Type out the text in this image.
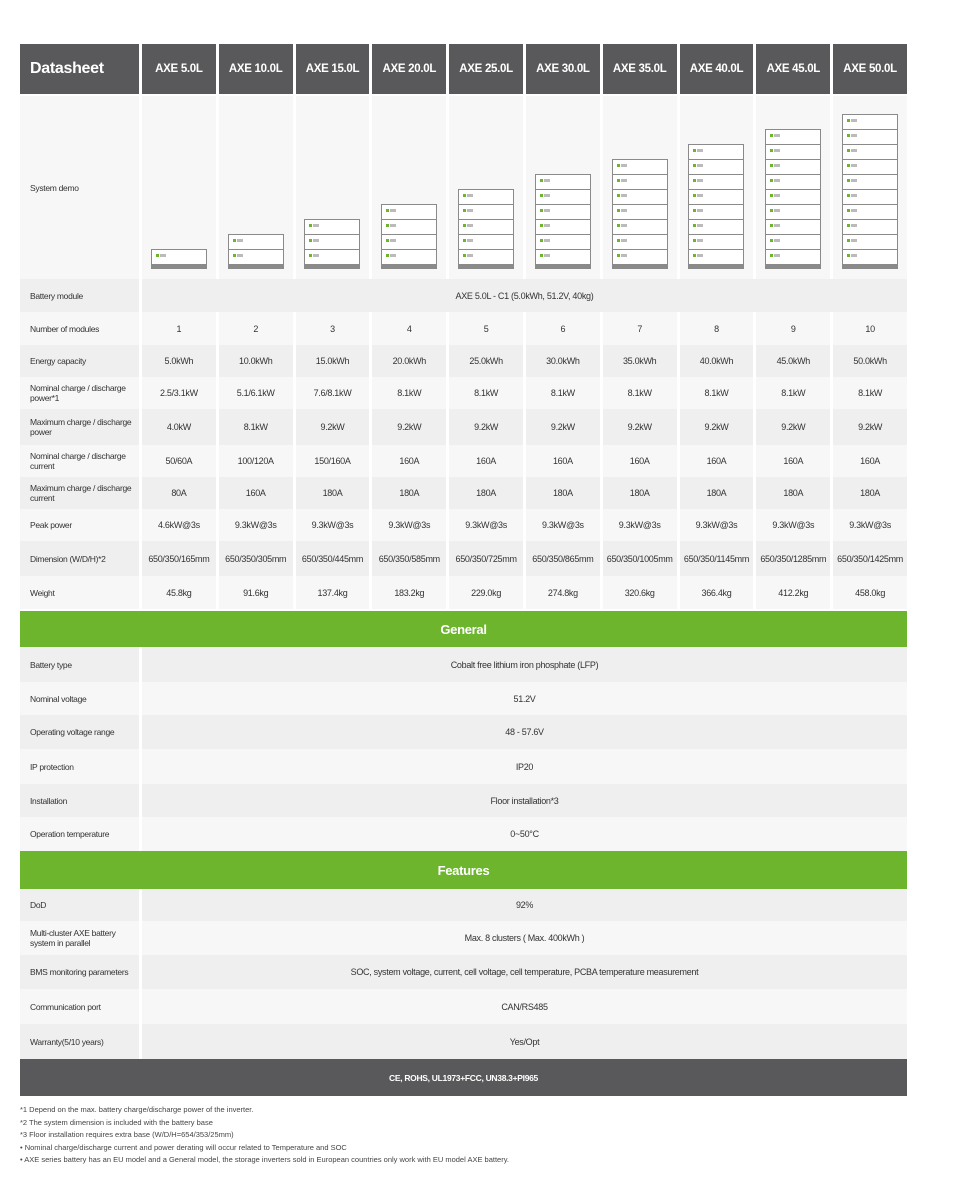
Datasheet	AXE 5.0L	AXE 10.0L	AXE 15.0L	AXE 20.0L	AXE 25.0L	AXE 30.0L	AXE 35.0L	AXE 40.0L	AXE 45.0L	AXE 50.0L

System demo	

Battery module	AXE 5.0L - C1 (5.0kWh, 51.2V, 40kg)									
Number of modules	1	2	3	4	5	6	7	8	9	10
Energy capacity	5.0kWh	10.0kWh	15.0kWh	20.0kWh	25.0kWh	30.0kWh	35.0kWh	40.0kWh	45.0kWh	50.0kWh
Nominal charge / discharge power*1	2.5/3.1kW	5.1/6.1kW	7.6/8.1kW	8.1kW	8.1kW	8.1kW	8.1kW	8.1kW	8.1kW	8.1kW
Maximum charge / discharge power	4.0kW	8.1kW	9.2kW	9.2kW	9.2kW	9.2kW	9.2kW	9.2kW	9.2kW	9.2kW
Nominal charge / discharge current	50/60A	100/120A	150/160A	160A	160A	160A	160A	160A	160A	160A
Maximum charge / discharge current	80A	160A	180A	180A	180A	180A	180A	180A	180A	180A
Peak power	4.6kW@3s	9.3kW@3s	9.3kW@3s	9.3kW@3s	9.3kW@3s	9.3kW@3s	9.3kW@3s	9.3kW@3s	9.3kW@3s	9.3kW@3s
Dimension (W/D/H)*2	650/350/165mm	650/350/305mm	650/350/445mm	650/350/585mm	650/350/725mm	650/350/865mm	650/350/1005mm	650/350/1145mm	650/350/1285mm	650/350/1425mm
Weight	45.8kg	91.6kg	137.4kg	183.2kg	229.0kg	274.8kg	320.6kg	366.4kg	412.2kg	458.0kg

General										
Battery type	Cobalt free lithium iron phosphate (LFP)									
Nominal voltage	51.2V									
Operating voltage range	48 - 57.6V									
IP protection	IP20									
Installation	Floor installation*3									
Operation temperature	0~50°C									
Features										
DoD	92%									
Multi-cluster AXE battery system in parallel	Max. 8 clusters ( Max. 400kWh )									
BMS monitoring parameters	SOC, system voltage, current, cell voltage, cell temperature, PCBA temperature measurement									
Communication port	CAN/RS485									
Warranty(5/10 years)	Yes/Opt									
CE, ROHS, UL1973+FCC, UN38.3+PI965										
*1 Depend on the max. battery charge/discharge power of the inverter.
*2 The system dimension is included with the battery base
*3 Floor installation requires extra base (W/D/H=654/353/25mm)
• Nominal charge/discharge current and power derating will occur related to Temperature and SOC
• AXE series battery has an EU model and a General model, the storage inverters sold in European countries only work with EU model AXE battery.
